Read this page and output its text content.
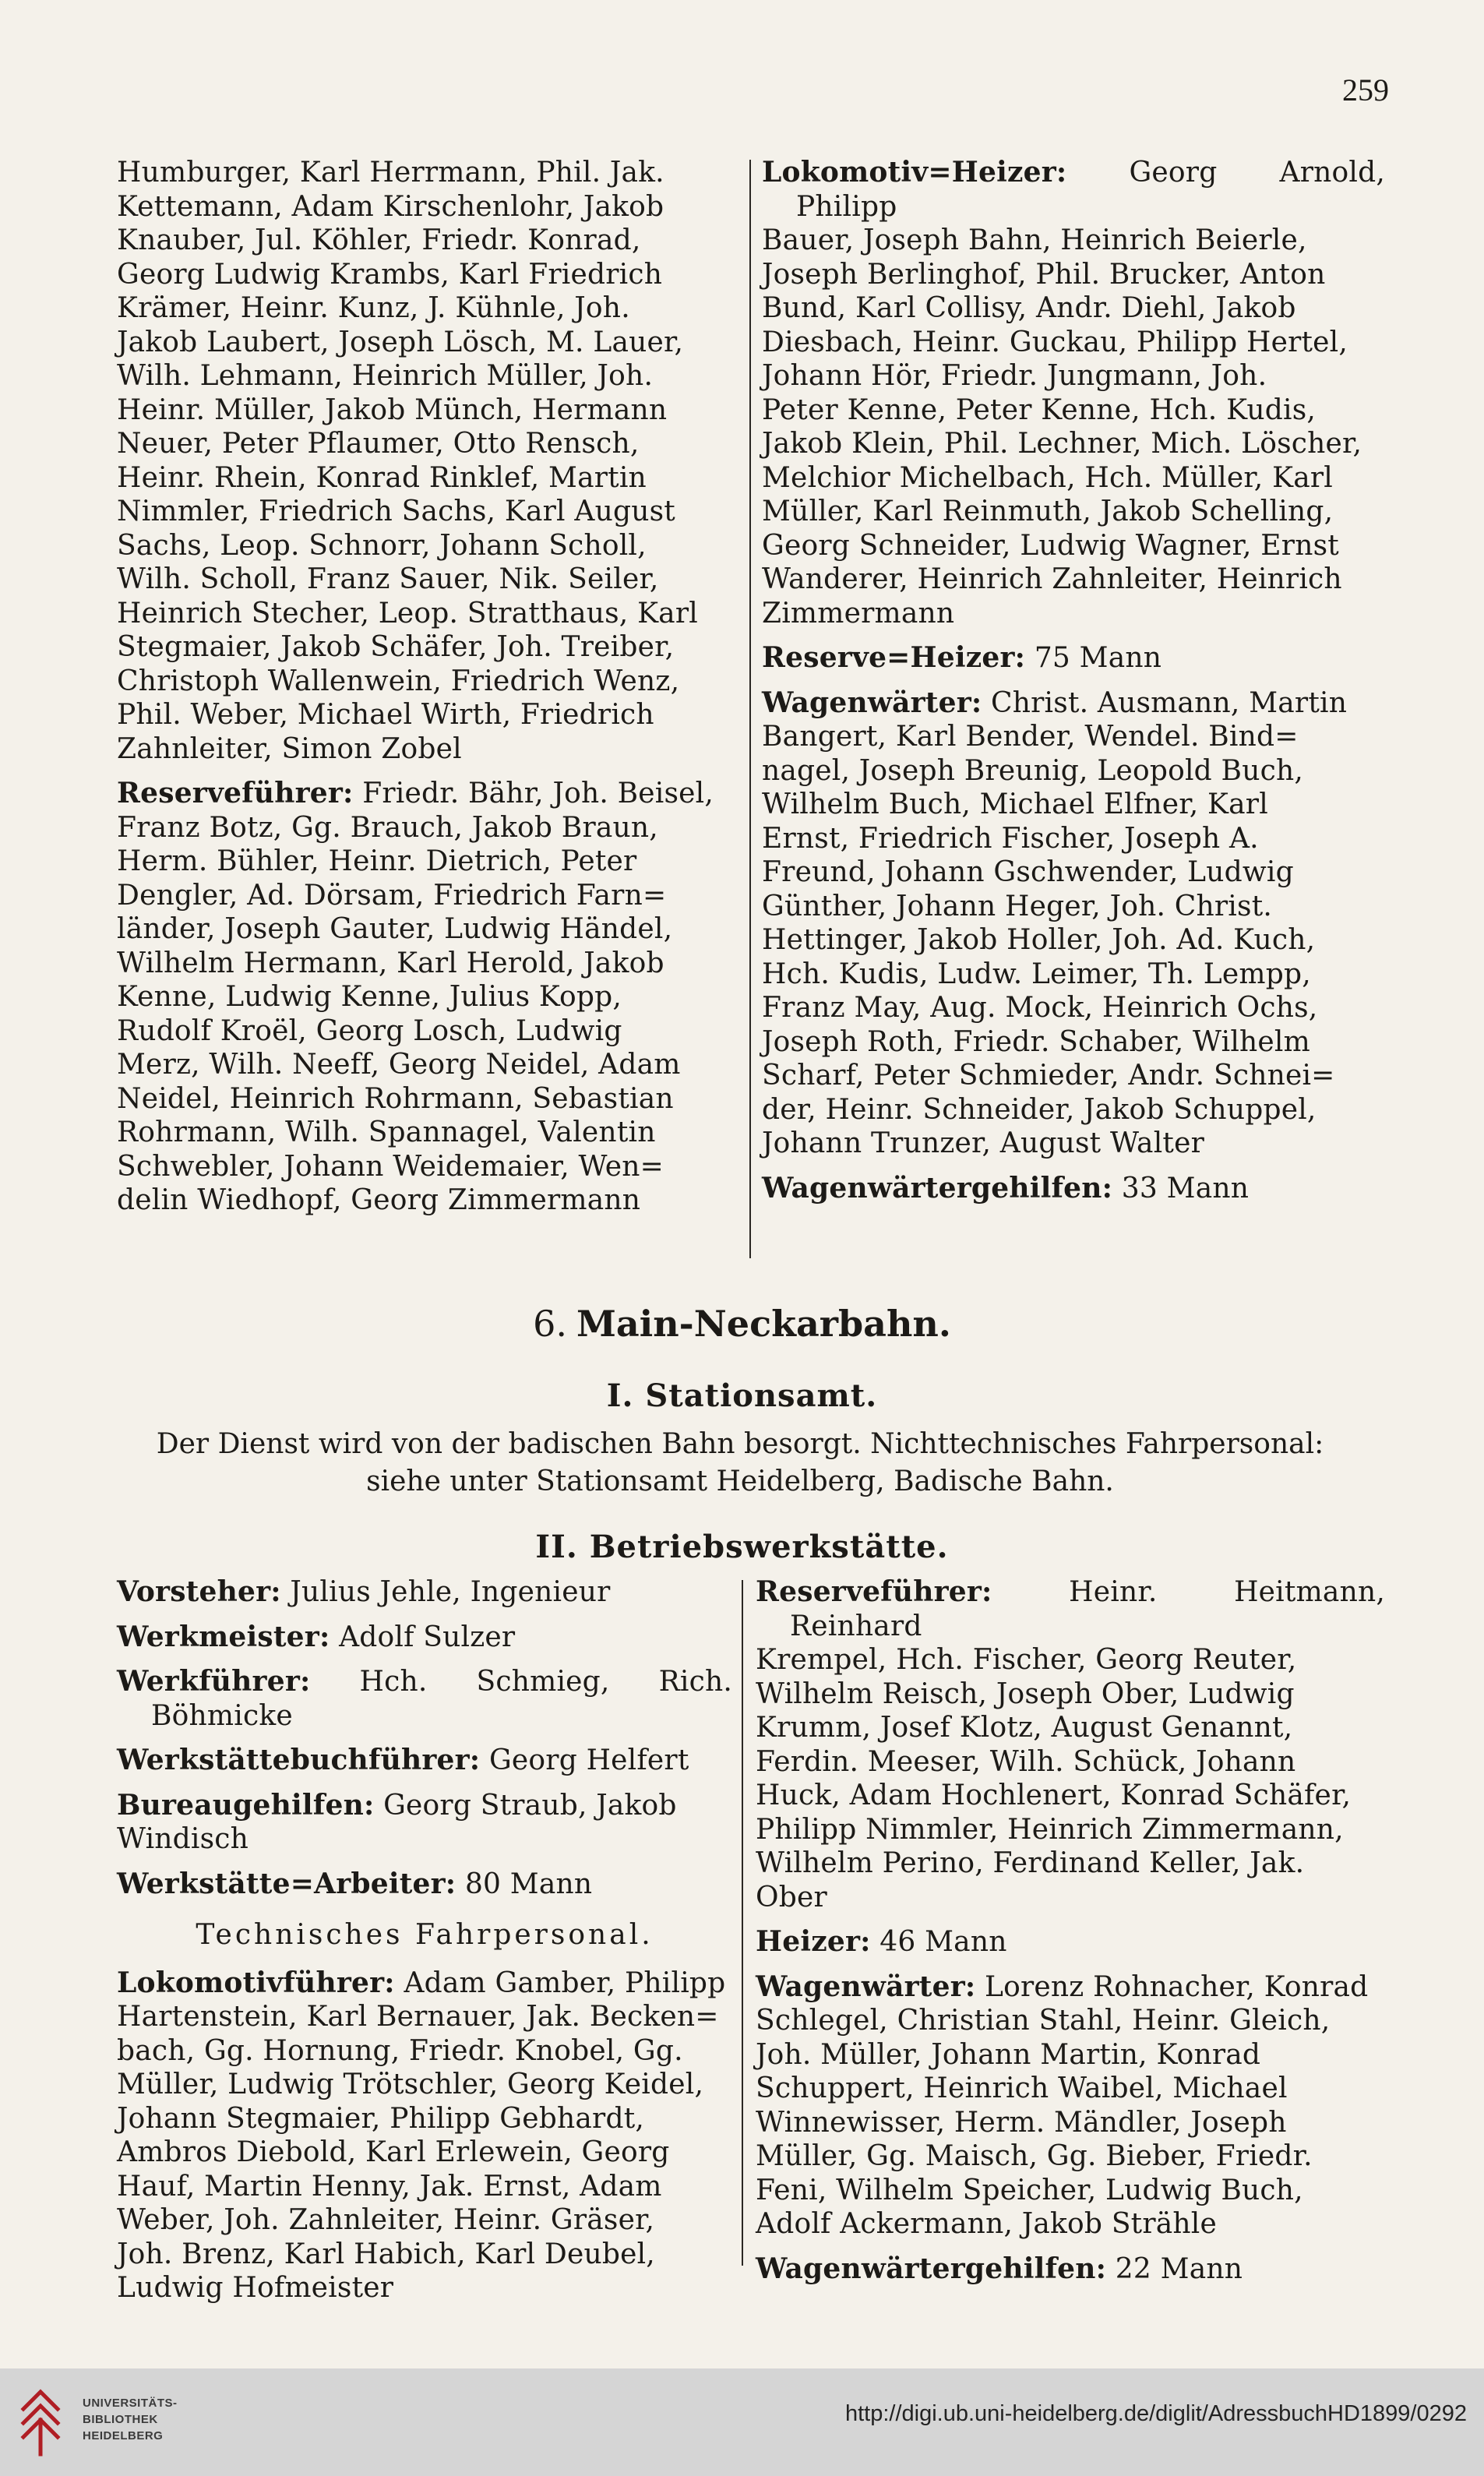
259
Humburger, Karl Herrmann, Phil. Jak.
Kettemann, Adam Kirschenlohr, Jakob
Knauber, Jul. Köhler, Friedr. Konrad,
Georg Ludwig Krambs, Karl Friedrich
Krämer, Heinr. Kunz, J. Kühnle, Joh.
Jakob Laubert, Joseph Lösch, M. Lauer,
Wilh. Lehmann, Heinrich Müller, Joh.
Heinr. Müller, Jakob Münch, Hermann
Neuer, Peter Pflaumer, Otto Rensch,
Heinr. Rhein, Konrad Rinklef, Martin
Nimmler, Friedrich Sachs, Karl August
Sachs, Leop. Schnorr, Johann Scholl,
Wilh. Scholl, Franz Sauer, Nik. Seiler,
Heinrich Stecher, Leop. Stratthaus, Karl
Stegmaier, Jakob Schäfer, Joh. Treiber,
Christoph Wallenwein, Friedrich Wenz,
Phil. Weber, Michael Wirth, Friedrich
Zahnleiter, Simon Zobel
Reserveführer: Friedr. Bähr, Joh. Beisel,
Franz Botz, Gg. Brauch, Jakob Braun,
Herm. Bühler, Heinr. Dietrich, Peter
Dengler, Ad. Dörsam, Friedrich Farn=
länder, Joseph Gauter, Ludwig Händel,
Wilhelm Hermann, Karl Herold, Jakob
Kenne, Ludwig Kenne, Julius Kopp,
Rudolf Kroël, Georg Losch, Ludwig
Merz, Wilh. Neeff, Georg Neidel, Adam
Neidel, Heinrich Rohrmann, Sebastian
Rohrmann, Wilh. Spannagel, Valentin
Schwebler, Johann Weidemaier, Wen=
delin Wiedhopf, Georg Zimmermann
Lokomotiv=Heizer: Georg Arnold, Philipp
Bauer, Joseph Bahn, Heinrich Beierle,
Joseph Berlinghof, Phil. Brucker, Anton
Bund, Karl Collisy, Andr. Diehl, Jakob
Diesbach, Heinr. Guckau, Philipp Hertel,
Johann Hör, Friedr. Jungmann, Joh.
Peter Kenne, Peter Kenne, Hch. Kudis,
Jakob Klein, Phil. Lechner, Mich. Löscher,
Melchior Michelbach, Hch. Müller, Karl
Müller, Karl Reinmuth, Jakob Schelling,
Georg Schneider, Ludwig Wagner, Ernst
Wanderer, Heinrich Zahnleiter, Heinrich
Zimmermann
Reserve=Heizer: 75 Mann
Wagenwärter: Christ. Ausmann, Martin
Bangert, Karl Bender, Wendel. Bind=
nagel, Joseph Breunig, Leopold Buch,
Wilhelm Buch, Michael Elfner, Karl
Ernst, Friedrich Fischer, Joseph A.
Freund, Johann Gschwender, Ludwig
Günther, Johann Heger, Joh. Christ.
Hettinger, Jakob Holler, Joh. Ad. Kuch,
Hch. Kudis, Ludw. Leimer, Th. Lempp,
Franz May, Aug. Mock, Heinrich Ochs,
Joseph Roth, Friedr. Schaber, Wilhelm
Scharf, Peter Schmieder, Andr. Schnei=
der, Heinr. Schneider, Jakob Schuppel,
Johann Trunzer, August Walter
Wagenwärtergehilfen: 33 Mann
6. Main-Neckarbahn.
I. Stationsamt.
Der Dienst wird von der badischen Bahn besorgt. Nichttechnisches Fahrpersonal:
siehe unter Stationsamt Heidelberg, Badische Bahn.
II. Betriebswerkstätte.
Vorsteher: Julius Jehle, Ingenieur
Werkmeister: Adolf Sulzer
Werkführer: Hch. Schmieg, Rich. Böhmicke
Werkstättebuchführer: Georg Helfert
Bureaugehilfen: Georg Straub, Jakob
Windisch
Werkstätte=Arbeiter: 80 Mann
Technisches Fahrpersonal.
Lokomotivführer: Adam Gamber, Philipp
Hartenstein, Karl Bernauer, Jak. Becken=
bach, Gg. Hornung, Friedr. Knobel, Gg.
Müller, Ludwig Trötschler, Georg Keidel,
Johann Stegmaier, Philipp Gebhardt,
Ambros Diebold, Karl Erlewein, Georg
Hauf, Martin Henny, Jak. Ernst, Adam
Weber, Joh. Zahnleiter, Heinr. Gräser,
Joh. Brenz, Karl Habich, Karl Deubel,
Ludwig Hofmeister
Reserveführer:	Heinr. Heitmann, Reinhard
Krempel, Hch. Fischer, Georg Reuter,
Wilhelm Reisch, Joseph Ober, Ludwig
Krumm, Josef Klotz, August Genannt,
Ferdin. Meeser, Wilh. Schück, Johann
Huck, Adam Hochlenert, Konrad Schäfer,
Philipp Nimmler, Heinrich Zimmermann,
Wilhelm Perino, Ferdinand Keller, Jak.
Ober
Heizer: 46 Mann
Wagenwärter: Lorenz Rohnacher, Konrad
Schlegel, Christian Stahl, Heinr. Gleich,
Joh. Müller, Johann Martin, Konrad
Schuppert, Heinrich Waibel, Michael
Winnewisser, Herm. Mändler, Joseph
Müller, Gg. Maisch, Gg. Bieber, Friedr.
Feni, Wilhelm Speicher, Ludwig Buch,
Adolf Ackermann, Jakob Strähle
Wagenwärtergehilfen: 22 Mann
UNIVERSITÄTS-
BIBLIOTHEK
HEIDELBERG
http://digi.ub.uni-heidelberg.de/diglit/AdressbuchHD1899/0292
